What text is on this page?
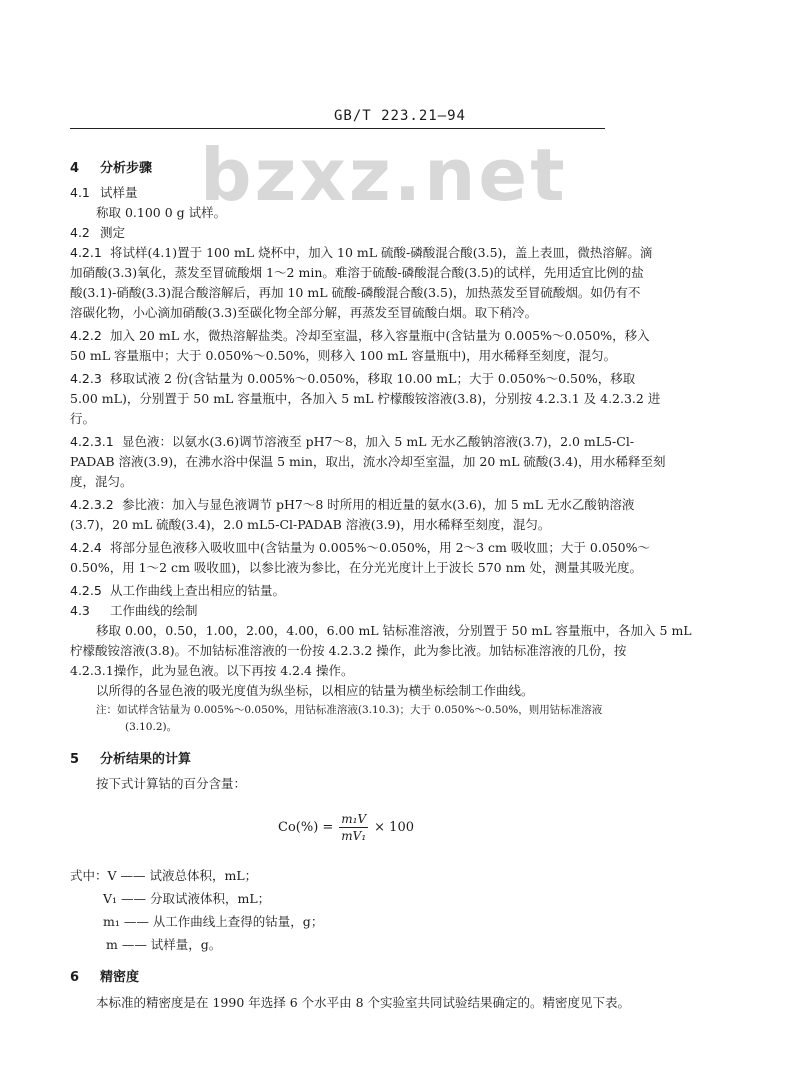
GB/T 223.21—94
bzxz.net
4 分析步骤
4.1 试样量
称取 0.100 0 g 试样。
4.2 测定
4.2.1 将试样(4.1)置于 100 mL 烧杯中，加入 10 mL 硫酸-磷酸混合酸(3.5)，盖上表皿，微热溶解。滴
加硝酸(3.3)氧化，蒸发至冒硫酸烟 1～2 min。难溶于硫酸-磷酸混合酸(3.5)的试样，先用适宜比例的盐
酸(3.1)-硝酸(3.3)混合酸溶解后，再加 10 mL 硫酸-磷酸混合酸(3.5)，加热蒸发至冒硫酸烟。如仍有不
溶碳化物，小心滴加硝酸(3.3)至碳化物全部分解，再蒸发至冒硫酸白烟。取下稍冷。
4.2.2 加入 20 mL 水，微热溶解盐类。冷却至室温，移入容量瓶中(含钴量为 0.005%～0.050%，移入
50 mL 容量瓶中；大于 0.050%～0.50%，则移入 100 mL 容量瓶中)，用水稀释至刻度，混匀。
4.2.3 移取试液 2 份(含钴量为 0.005%～0.050%，移取 10.00 mL；大于 0.050%～0.50%，移取
5.00 mL)，分别置于 50 mL 容量瓶中，各加入 5 mL 柠檬酸铵溶液(3.8)，分别按 4.2.3.1 及 4.2.3.2 进
行。
4.2.3.1 显色液：以氨水(3.6)调节溶液至 pH7～8，加入 5 mL 无水乙酸钠溶液(3.7)，2.0 mL5-Cl-
PADAB 溶液(3.9)，在沸水浴中保温 5 min，取出，流水冷却至室温，加 20 mL 硫酸(3.4)，用水稀释至刻
度，混匀。
4.2.3.2 参比液：加入与显色液调节 pH7～8 时所用的相近量的氨水(3.6)，加 5 mL 无水乙酸钠溶液
(3.7)，20 mL 硫酸(3.4)，2.0 mL5-Cl-PADAB 溶液(3.9)，用水稀释至刻度，混匀。
4.2.4 将部分显色液移入吸收皿中(含钴量为 0.005%～0.050%，用 2～3 cm 吸收皿；大于 0.050%～
0.50%，用 1～2 cm 吸收皿)，以参比液为参比，在分光光度计上于波长 570 nm 处，测量其吸光度。
4.2.5 从工作曲线上查出相应的钴量。
4.3 工作曲线的绘制
移取 0.00，0.50，1.00，2.00，4.00，6.00 mL 钴标准溶液，分别置于 50 mL 容量瓶中，各加入 5 mL
柠檬酸铵溶液(3.8)。不加钴标准溶液的一份按 4.2.3.2 操作，此为参比液。加钴标准溶液的几份，按
4.2.3.1操作，此为显色液。以下再按 4.2.4 操作。
以所得的各显色液的吸光度值为纵坐标，以相应的钴量为横坐标绘制工作曲线。
注：如试样含钴量为 0.005%～0.050%，用钴标准溶液(3.10.3)；大于 0.050%～0.50%，则用钴标准溶液
(3.10.2)。
5 分析结果的计算
按下式计算钴的百分含量：
$Co(\%) = \frac{\text{m₁V}}{\text{mV₁}} \times 100$
式中：V —— 试液总体积，mL；
V₁ —— 分取试液体积，mL；
m₁ —— 从工作曲线上查得的钴量，g；
m —— 试样量，g。
6 精密度
本标准的精密度是在 1990 年选择 6 个水平由 8 个实验室共同试验结果确定的。精密度见下表。
